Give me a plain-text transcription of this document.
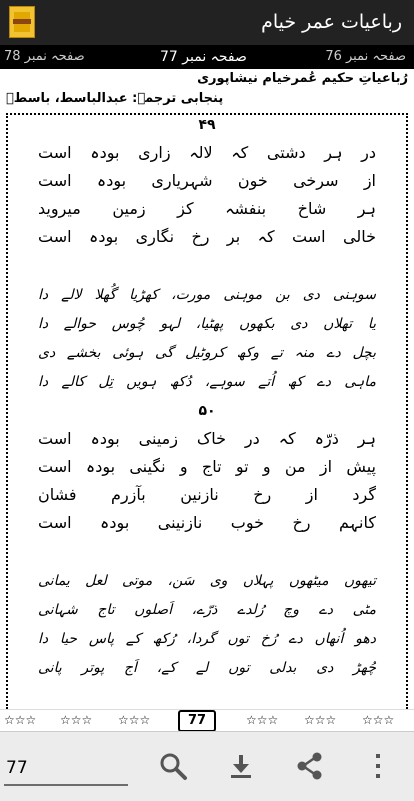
رباعیات عمر خیام
صفحہ نمبر 78	صفحہ نمبر 77	صفحہ نمبر 76
رُباعیاتِ حکیم عُمرخیام نیشاپوری
پنجابی ترجمہ: عبدالباسط، باسطؔ
۴۹
در ہر دشتی کہ لالہ زاری بودہ است
از سرخی خون شہریاری بودہ است
ہر شاخ بنفشہ کز زمین میروید
خالی است کہ بر رخ نگاری بودہ است
سوہنی دی بن موہنی مورت، کھڑیا گُھلا لالے دا
یا تھلاں دی بکھوں پھٹیا، لہو چُوس حوالے دا
بچل دے منہ تے وکھ کروٹیل گی ہوئی بخشے دی
ماہی دے کھ اُتے سوہے، دُکھ ہویں تِل کالے دا
۵۰
ہر ذرّہ کہ در خاک زمینی بودہ است
پیش از من و تو تاج و نگینی بودہ است
گرد از رخ نازنین بآزرم فشان
کانہم رخ خوب نازنینی بودہ است
تیھوں میٹھوں پہلاں وی سَن، موتی لعل یمانی
مٹی دے وچ رُلدے ذرّے، اَصلوں تاج شہانی
دھو اُنھاں دے رُخ توں گردا، رُکھ کے پاس حیا دا
چُھڑ دی بدلی توں لے کے، اَج پوتر پانی
☆☆☆ ☆☆☆ ☆☆☆	77	☆☆☆ ☆☆☆ ☆☆☆
77
